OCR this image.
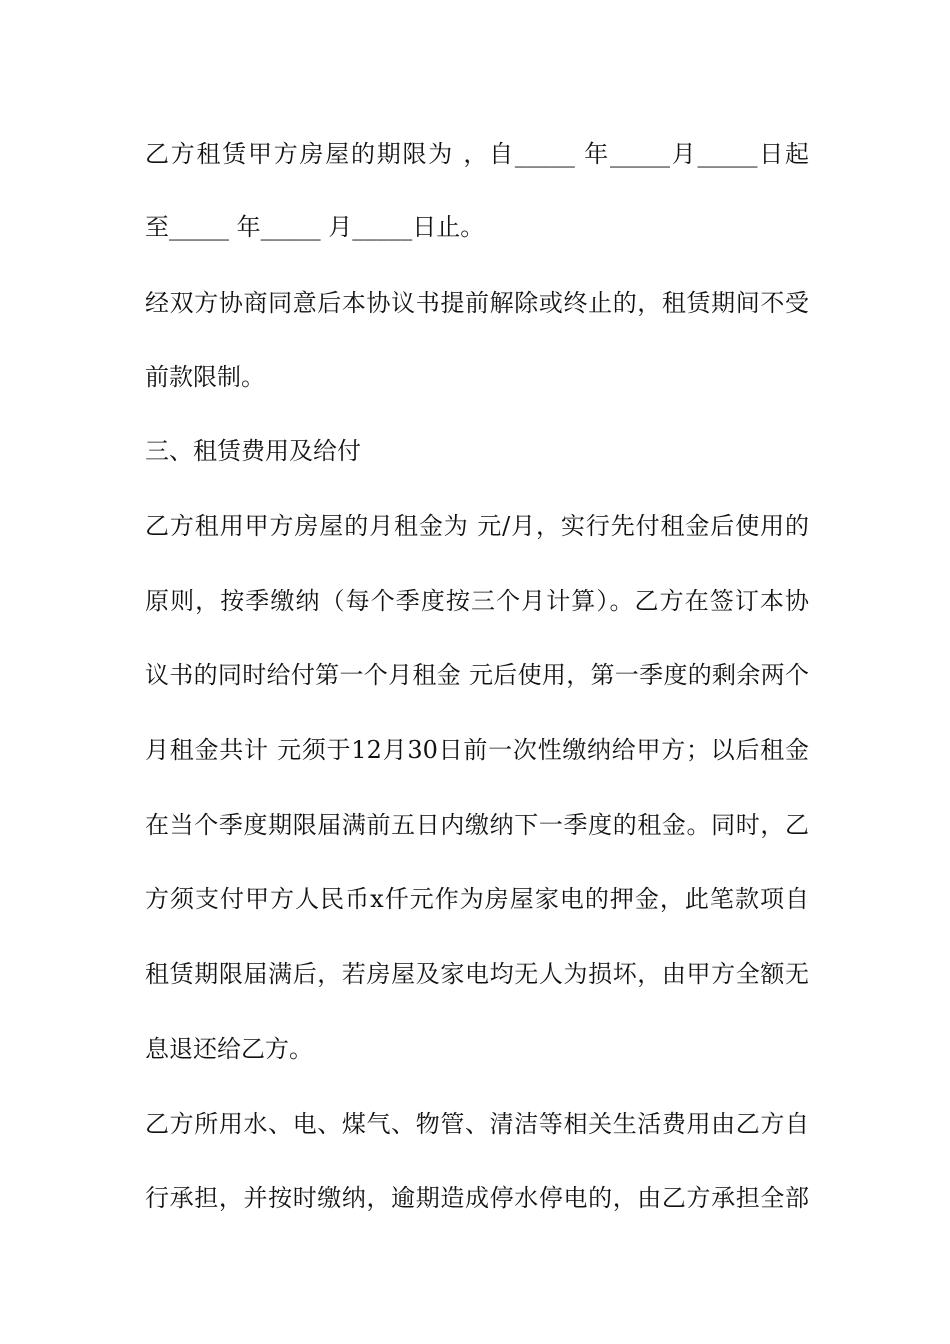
乙方租赁甲方房屋的期限为 ，自_____ 年_____月_____日起
至_____ 年_____ 月_____日止。
经双方协商同意后本协议书提前解除或终止的，租赁期间不受
前款限制。
三、租赁费用及给付
乙方租用甲方房屋的月租金为 元/月，实行先付租金后使用的
原则，按季缴纳（每个季度按三个月计算）。乙方在签订本协
议书的同时给付第一个月租金 元后使用，第一季度的剩余两个
月租金共计 元须于12月30日前一次性缴纳给甲方；以后租金
在当个季度期限届满前五日内缴纳下一季度的租金。同时，乙
方须支付甲方人民币x仟元作为房屋家电的押金，此笔款项自
租赁期限届满后，若房屋及家电均无人为损坏，由甲方全额无
息退还给乙方。
乙方所用水、电、煤气、物管、清洁等相关生活费用由乙方自
行承担，并按时缴纳，逾期造成停水停电的，由乙方承担全部
